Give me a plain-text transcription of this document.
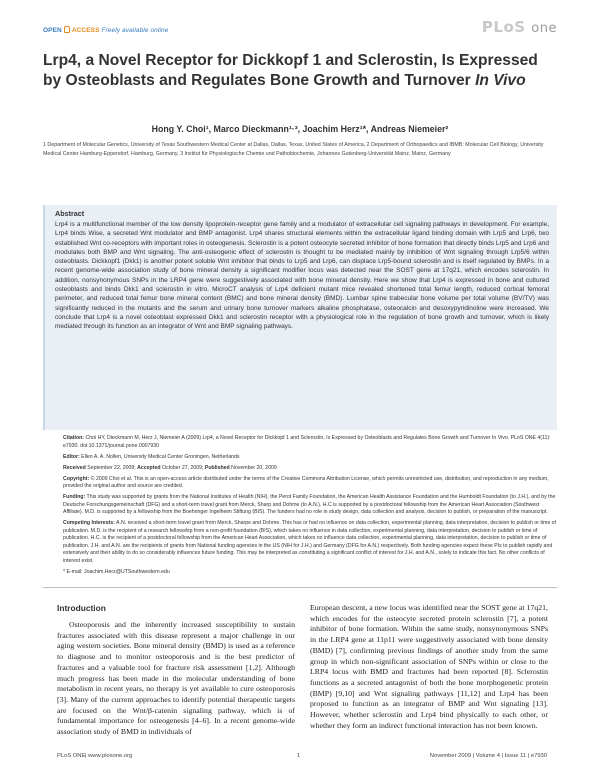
OPEN ACCESS Freely available online	PLoS one
Lrp4, a Novel Receptor for Dickkopf 1 and Sclerostin, Is Expressed by Osteoblasts and Regulates Bone Growth and Turnover In Vivo
Hong Y. Choi¹, Marco Dieckmann¹·³, Joachim Herz¹*, Andreas Niemeier²
1 Department of Molecular Genetics, University of Texas Southwestern Medical Center at Dallas, Dallas, Texas, United States of America, 2 Department of Orthopaedics and IBMB: Molecular Cell Biology, University Medical Center Hamburg-Eppendorf, Hamburg, Germany, 3 Institut für Physiologische Chemie und Pathobiochemie, Johannes Gutenberg-Universität Mainz, Mainz, Germany
Abstract
Lrp4 is a multifunctional member of the low density lipoprotein-receptor gene family and a modulator of extracellular cell signaling pathways in development. For example, Lrp4 binds Wise, a secreted Wnt modulator and BMP antagonist. Lrp4 shares structural elements within the extracellular ligand binding domain with Lrp5 and Lrp6, two established Wnt co-receptors with important roles in osteogenesis. Sclerostin is a potent osteocyte secreted inhibitor of bone formation that directly binds Lrp5 and Lrp6 and modulates both BMP and Wnt signaling. The anti-osteogenic effect of sclerostin is thought to be mediated mainly by inhibition of Wnt signaling through Lrp5/6 within osteoblasts. Dickkopf1 (Dkk1) is another potent soluble Wnt inhibitor that binds to Lrp5 and Lrp6, can displace Lrp5-bound sclerostin and is itself regulated by BMPs. In a recent genome-wide association study of bone mineral density a significant modifier locus was detected near the SOST gene at 17q21, which encodes sclerostin. In addition, nonsynonymous SNPs in the LRP4 gene were suggestively associated with bone mineral density. Here we show that Lrp4 is expressed in bone and cultured osteoblasts and binds Dkk1 and sclerostin in vitro. MicroCT analysis of Lrp4 deficient mutant mice revealed shortened total femur length, reduced cortical femoral perimeter, and reduced total femur bone mineral content (BMC) and bone mineral density (BMD). Lumbar spine trabecular bone volume per total volume (BV/TV) was significantly reduced in the mutants and the serum and urinary bone turnover markers alkaline phosphatase, osteocalcin and desoxypyridinoline were increased. We conclude that Lrp4 is a novel osteoblast expressed Dkk1 and sclerostin receptor with a physiological role in the regulation of bone growth and turnover, which is likely mediated through its function as an integrator of Wnt and BMP signaling pathways.

Citation: Choi HY, Dieckmann M, Herz J, Niemeier A (2009) Lrp4, a Novel Receptor for Dickkopf 1 and Sclerostin, Is Expressed by Osteoblasts and Regulates Bone Growth and Turnover In Vivo. PLoS ONE 4(11): e7930. doi:10.1371/journal.pone.0007930

Editor: Ellen A. A. Nollen, University Medical Center Groningen, Netherlands

Received September 22, 2009; Accepted October 27, 2009; Published November 20, 2009

Copyright: © 2009 Choi et al. This is an open-access article distributed under the terms of the Creative Commons Attribution License, which permits unrestricted use, distribution, and reproduction in any medium, provided the original author and source are credited.

Funding: This study was supported by grants from the National Institutes of Health (NIH), the Perot Family Foundation, the American Health Assistance Foundation and the Humboldt Foundation (to J.H.), and by the Deutsche Forschungsgemeinschaft (DFG) and a short-term travel grant from Merck, Sharp and Dohme (to A.N.). H.C is supported by a postdoctoral fellowship from the American Heart Association (Southwest Affiliate). M.D. is supported by a fellowship from the Boehringer Ingelheim Stiftung (BIS). The funders had no role in study design, data collection and analysis, decision to publish, or preparation of the manuscript.

Competing Interests: A.N. received a short-term travel grant from Merck, Sharpe and Dohme. This has or had no influence on data collection, experimental planning, data interpretation, decision to publish or time of publication. M.D. is the recipient of a research fellowship from a non-profit foundation (BIS), which takes no influence in data collection, experimental planning, data interpretation, decision to publish or time of publication. H.C. is the recipient of a postdoctoral fellowship from the American Heart Association, which takes no influence data collection, experimental planning, data interpretation, decision to publish or time of publication. J.H. and A.N. are the recipients of grants from National funding agencies in the US (NIH for J.H.) and Germany (DFG for A.N.) respectively. Both funding agencies expect these PIs to publish rapidly and extensively and their ability to do so considerably influences future funding. This may be interpreted as constituting a significant conflict of interest for J.H. and A.N., solely to indicate this fact. No other conflicts of interest exist.

* E-mail: Joachim.Herz@UTSouthwestern.edu

Introduction
Osteoporosis and the inherently increased susceptibility to sustain fractures associated with this disease represent a major challenge in our aging western societies. Bone mineral density (BMD) is used as a reference to diagnose and to monitor osteoporosis and is the best predictor of fractures and a valuable tool for fracture risk assessment [1,2]. Although much progress has been made in the molecular understanding of bone metabolism in recent years, no therapy is yet available to cure osteoporosis [3]. Many of the current approaches to identify potential therapeutic targets are focused on the Wnt/β-catenin signaling pathway, which is of fundamental importance for osteogenesis [4–6]. In a recent genome-wide association study of BMD in individuals of
European descent, a new locus was identified near the SOST gene at 17q21, which encodes for the osteocyte secreted protein sclerostin [7], a potent inhibitor of bone formation. Within the same study, nonsynonymous SNPs in the LRP4 gene at 11p11 were suggestively associated with bone density (BMD) [7], confirming previous findings of another study from the same group in which non-significant association of SNPs within or close to the LRP4 locus with BMD and fractures had been reported [8]. Sclerostin functions as a secreted antagonist of both the bone morphogenetic protein (BMP) [9,10] and Wnt signaling pathways [11,12] and Lrp4 has been proposed to function as an integrator of BMP and Wnt signaling [13]. However, whether sclerostin and Lrp4 bind physically to each other, or whether they form an indirect functional interaction has not been known.
PLoS ONE | www.plosone.org	1	November 2009 | Volume 4 | Issue 11 | e7930
